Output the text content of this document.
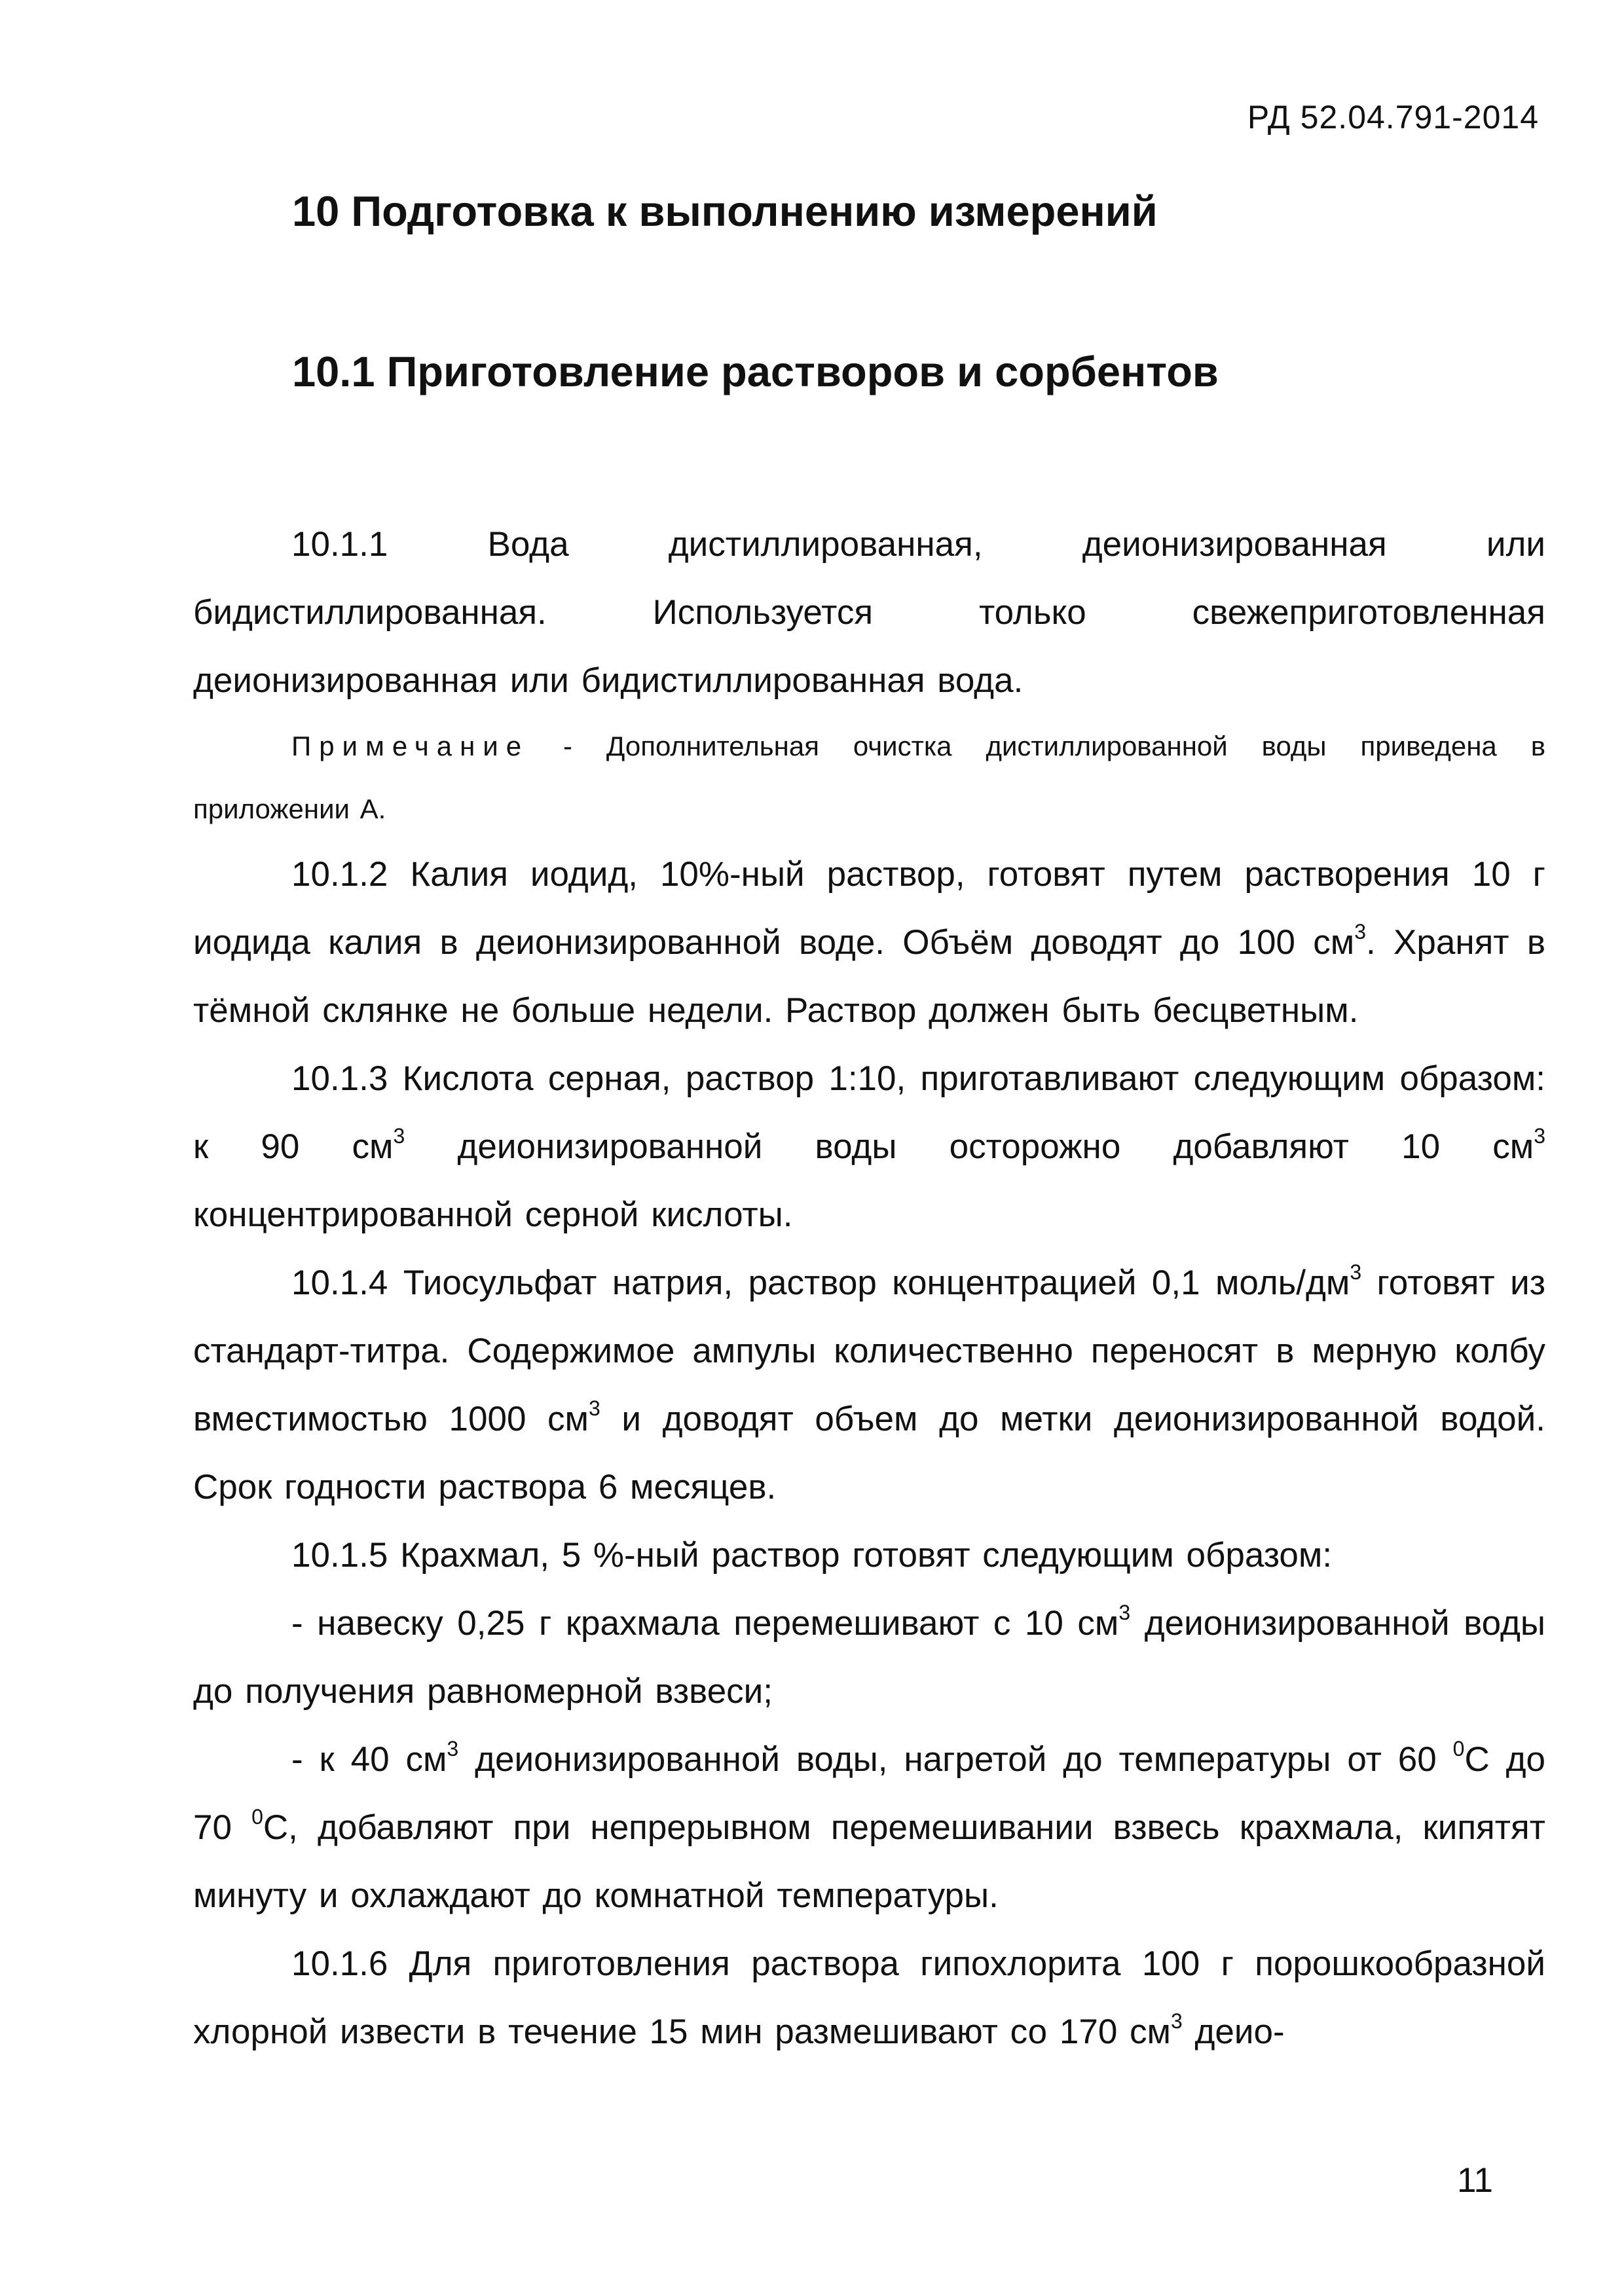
РД 52.04.791-2014
10 Подготовка к выполнению измерений
10.1 Приготовление растворов и сорбентов

10.1.1 Вода дистиллированная, деионизированная или бидистиллированная. Используется только свежеприготовленная деионизированная или бидистиллированная вода.

Примечание - Дополнительная очистка дистиллированной воды приведена в приложении А.

10.1.2 Калия иодид, 10%-ный раствор, готовят путем растворения 10 г иодида калия в деионизированной воде. Объём доводят до 100 $см^3$. Хранят в тёмной склянке не больше недели. Раствор должен быть бесцветным.

10.1.3 Кислота серная, раствор 1:10, приготавливают следующим образом: к 90 $см^3$ деионизированной воды осторожно добавляют 10 $см^3$ концентрированной серной кислоты.

10.1.4 Тиосульфат натрия, раствор концентрацией 0,1 моль/$дм^3$ готовят из стандарт-титра. Содержимое ампулы количественно переносят в мерную колбу вместимостью 1000 $см^3$ и доводят объем до метки деионизированной водой. Срок годности раствора 6 месяцев.

10.1.5 Крахмал, 5 %-ный раствор готовят следующим образом:

- навеску 0,25 г крахмала перемешивают с 10 $см^3$ деионизированной воды до получения равномерной взвеси;

- к 40 $см^3$ деионизированной воды, нагретой до температуры от 60 $^0$C до 70 $^0$C, добавляют при непрерывном перемешивании взвесь крахмала, кипятят минуту и охлаждают до комнатной температуры.

10.1.6 Для приготовления раствора гипохлорита 100 г порошкообразной хлорной извести в течение 15 мин размешивают со 170 $см^3$ деио-

11
